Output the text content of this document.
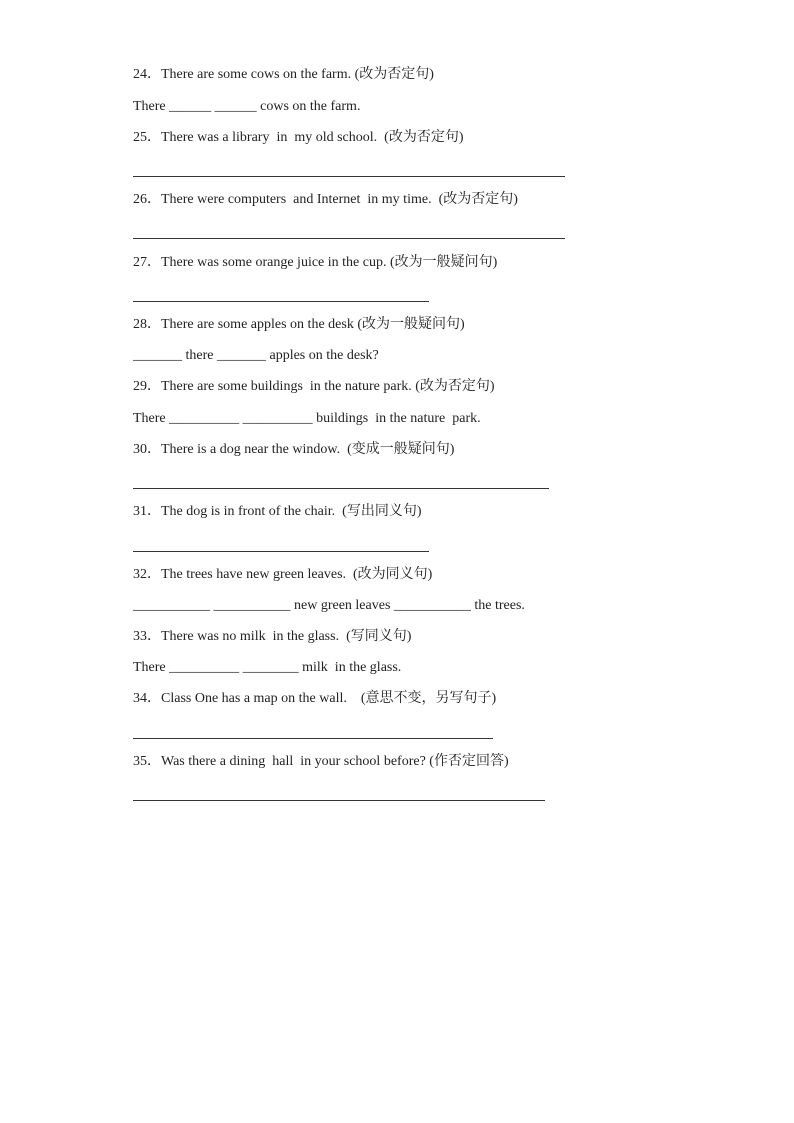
24．There are some cows on the farm. (改为否定句)
There ______ ______ cows on the farm.
25．There was a library  in  my old school.  (改为否定句)
26．There were computers  and Internet  in my time.  (改为否定句)
27．There was some orange juice in the cup. (改为一般疑问句)
28．There are some apples on the desk (改为一般疑问句)
_______ there _______ apples on the desk?
29．There are some buildings  in the nature park. (改为否定句)
There __________ __________ buildings  in the nature  park.
30．There is a dog near the window.  (变成一般疑问句)
31．The dog is in front of the chair.  (写出同义句)
32．The trees have new green leaves.  (改为同义句)
___________ ___________ new green leaves ___________ the trees.
33．There was no milk  in the glass.  (写同义句)
There __________ ________ milk  in the glass.
34．Class One has a map on the wall.    (意思不变，另写句子)
35．Was there a dining  hall  in your school before? (作否定回答)
